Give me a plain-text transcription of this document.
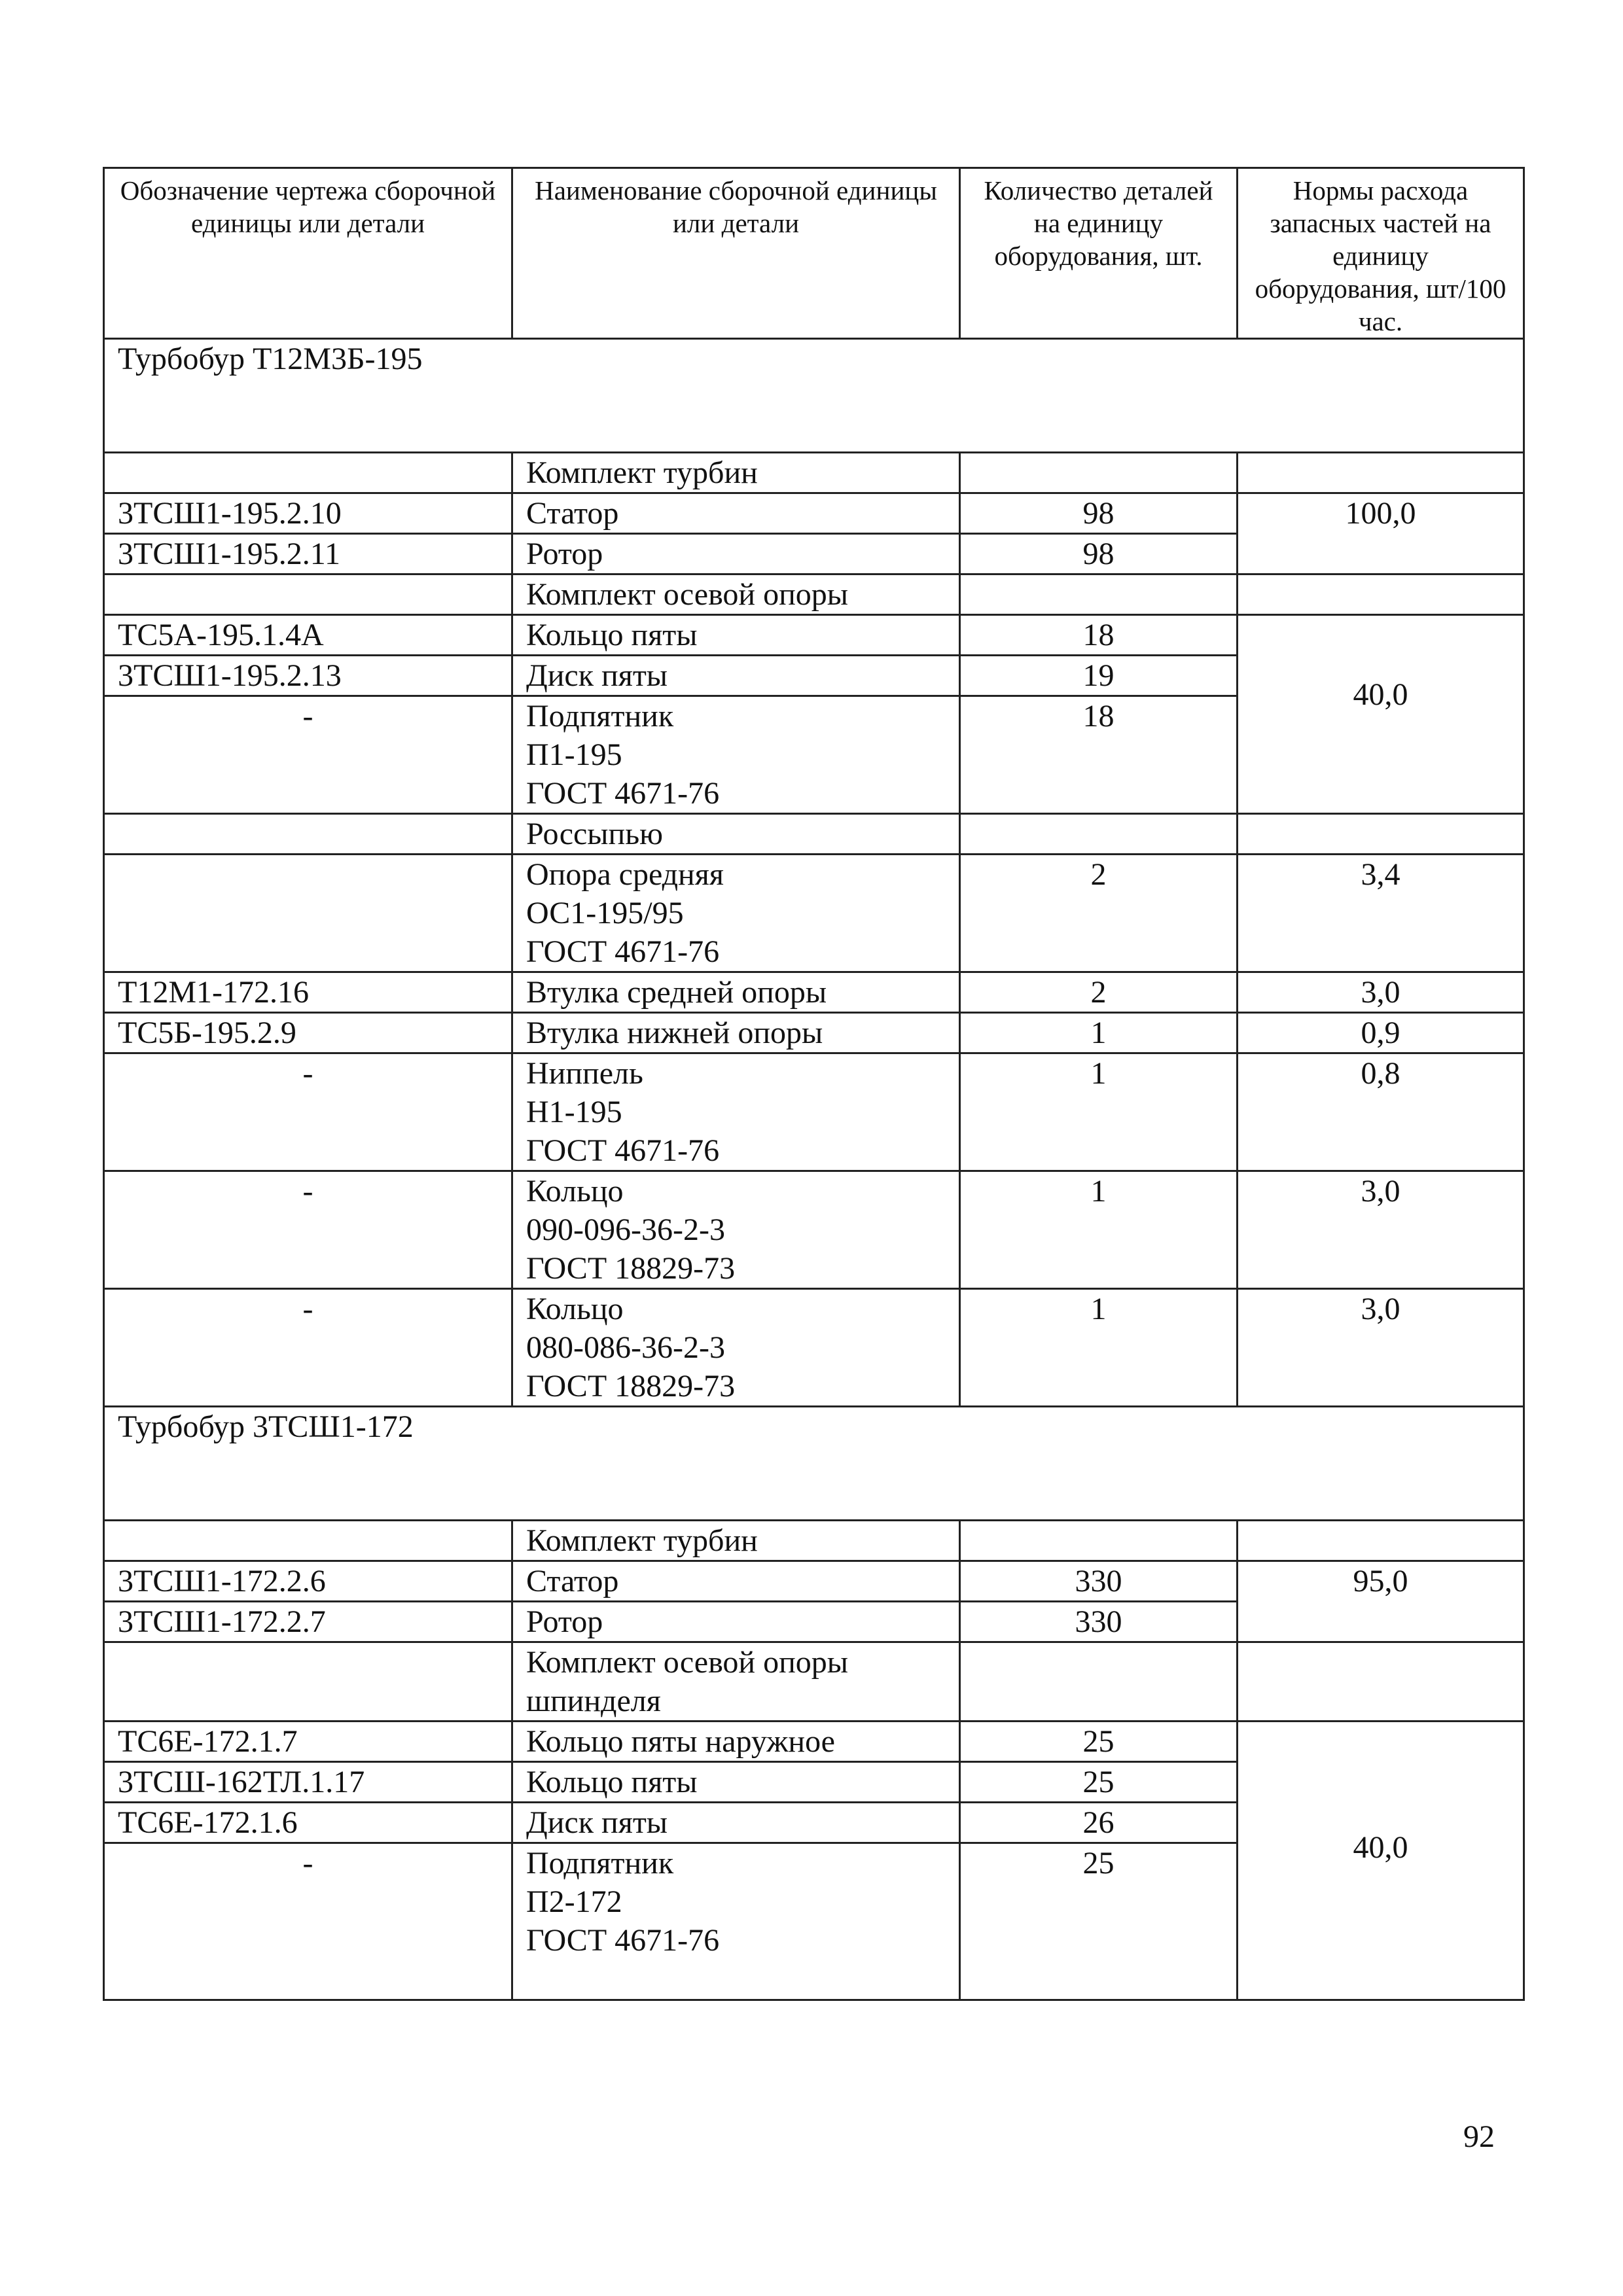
Обозначение чертежа сборочной единицы или детали	Наименование сборочной единицы или детали	Количество деталей на единицу оборудования, шт.	Нормы расхода запасных частей на единицу оборудования, шт/100 час.
Турбобур Т12М3Б-195			
	Комплект турбин		
3ТСШ1-195.2.10	Статор	98	100,0
3ТСШ1-195.2.11	Ротор	98	
	Комплект осевой опоры		
ТС5А-195.1.4А	Кольцо пяты	18	40,0
3ТСШ1-195.2.13	Диск пяты	19	
-	Подпятник
П1-195
ГОСТ 4671-76	18	
	Россыпью		

	Опора средняя
ОС1-195/95
ГОСТ 4671-76	2	3,4
Т12М1-172.16	Втулка средней опоры	2	3,0
ТС5Б-195.2.9	Втулка нижней опоры	1	0,9
-	Ниппель
Н1-195
ГОСТ 4671-76	1	0,8
-	Кольцо
090-096-36-2-3
ГОСТ 18829-73	1	3,0
-	Кольцо
080-086-36-2-3
ГОСТ 18829-73	1	3,0
Турбобур 3ТСШ1-172			
	Комплект турбин		
3ТСШ1-172.2.6	Статор	330	95,0
3ТСШ1-172.2.7	Ротор	330	

	Комплект осевой опоры
шпинделя		

ТС6Е-172.1.7	Кольцо пяты наружное	25	40,0
3ТСШ-162ТЛ.1.17	Кольцо пяты	25	
ТС6Е-172.1.6	Диск пяты	26	
-	Подпятник
П2-172
ГОСТ 4671-76	25	
92
